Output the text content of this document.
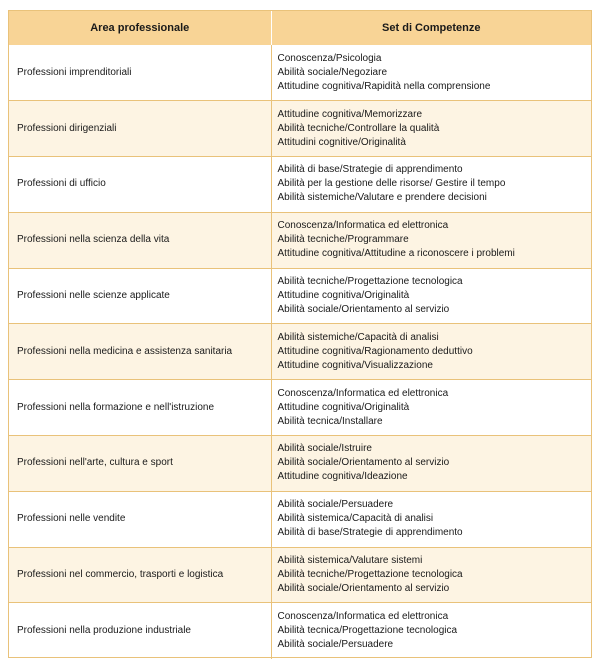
Area professionale	Set di Competenze
Professioni imprenditoriali	Conoscenza/Psicologia
Abilità sociale/Negoziare
Attitudine cognitiva/Rapidità nella comprensione

Professioni dirigenziali	Attitudine cognitiva/Memorizzare
Abilità tecniche/Controllare la qualità
Attitudini cognitive/Originalità

Professioni di ufficio	Abilità di base/Strategie di apprendimento
Abilità per la gestione delle risorse/ Gestire il tempo
Abilità sistemiche/Valutare e prendere decisioni

Professioni nella scienza della vita	Conoscenza/Informatica ed elettronica
Abilità tecniche/Programmare
Attitudine cognitiva/Attitudine a riconoscere i problemi

Professioni nelle scienze applicate	Abilità tecniche/Progettazione tecnologica
Attitudine cognitiva/Originalità
Abilità sociale/Orientamento al servizio

Professioni nella medicina e assistenza sanitaria	Abilità sistemiche/Capacità di analisi
Attitudine cognitiva/Ragionamento deduttivo
Attitudine cognitiva/Visualizzazione

Professioni nella formazione e nell'istruzione	Conoscenza/Informatica ed elettronica
Attitudine cognitiva/Originalità
Abilità tecnica/Installare

Professioni nell'arte, cultura e sport	Abilità sociale/Istruire
Abilità sociale/Orientamento al servizio
Attitudine cognitiva/Ideazione

Professioni nelle vendite	Abilità sociale/Persuadere
Abilità sistemica/Capacità di analisi
Abilità di base/Strategie di apprendimento

Professioni nel commercio, trasporti e logistica	Abilità sistemica/Valutare sistemi
Abilità tecniche/Progettazione tecnologica
Abilità sociale/Orientamento al servizio

Professioni nella produzione industriale	Conoscenza/Informatica ed elettronica
Abilità tecnica/Progettazione tecnologica
Abilità sociale/Persuadere
